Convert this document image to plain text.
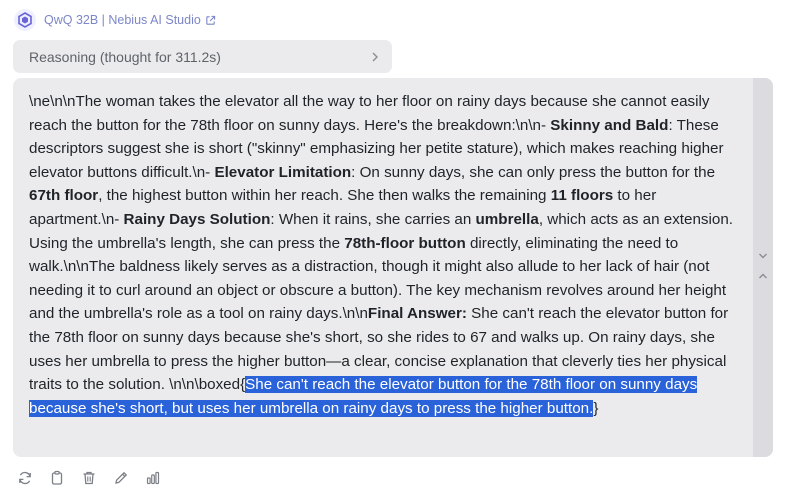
QwQ 32B | Nebius AI Studio
Reasoning (thought for 311.2s)

\ne\n\nThe woman takes the elevator all the way to her floor on rainy days because she cannot easily reach the button for the 78th floor on sunny days. Here's the breakdown:\n\n- Skinny and Bald: These descriptors suggest she is short ("skinny" emphasizing her petite stature), which makes reaching higher elevator buttons difficult.\n- Elevator Limitation: On sunny days, she can only press the button for the 67th floor, the highest button within her reach. She then walks the remaining 11 floors to her apartment.\n- Rainy Days Solution: When it rains, she carries an umbrella, which acts as an extension. Using the umbrella's length, she can press the 78th-floor button directly, eliminating the need to walk.\n\nThe baldness likely serves as a distraction, though it might also allude to her lack of hair (not needing it to curl around an object or obscure a button). The key mechanism revolves around her height and the umbrella's role as a tool on rainy days.\n\nFinal Answer: She can't reach the elevator button for the 78th floor on sunny days because she's short, so she rides to 67 and walks up. On rainy days, she uses her umbrella to press the higher button—a clear, concise explanation that cleverly ties her physical traits to the solution. \n\n\boxed{She can't reach the elevator button for the 78th floor on sunny days because she's short, but uses her umbrella on rainy days to press the higher button.}
